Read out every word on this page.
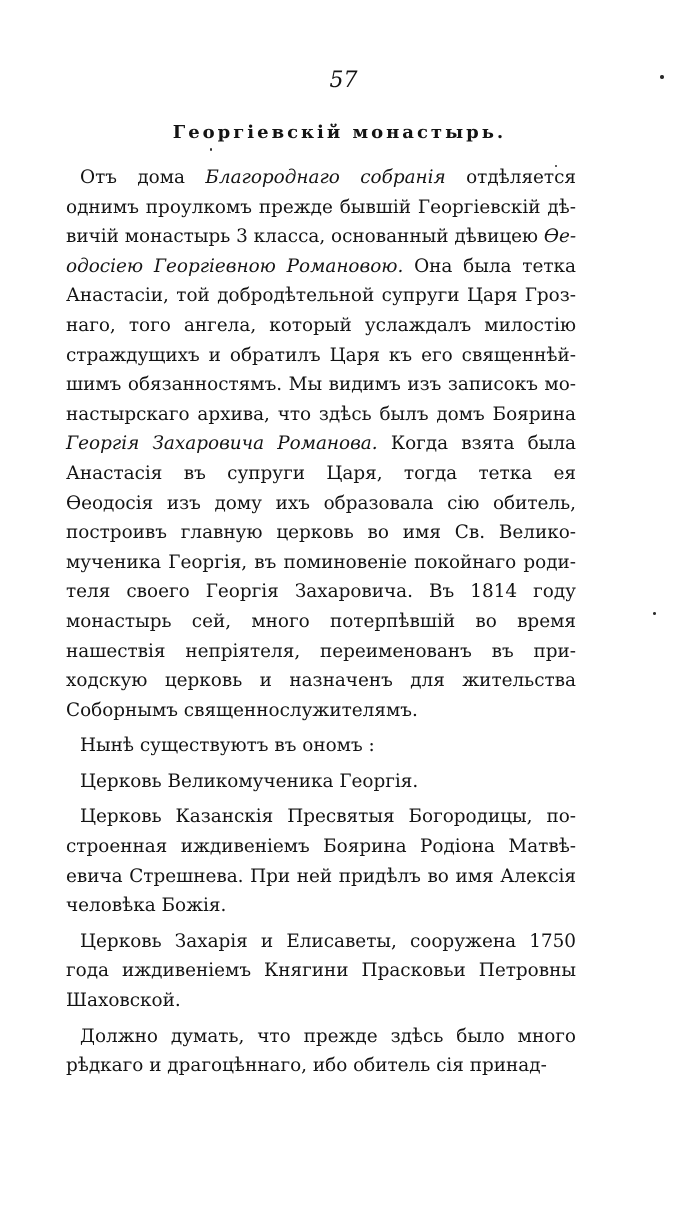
57
Георгіевскій монастырь.
Отъ дома Благороднаго собранія отдѣляется
однимъ проулкомъ прежде бывшій Георгіевскій дѣ-
вичій монастырь 3 класса, основанный дѣвицею Ѳе-
одосіею Георгіевною Романовою. Она была тетка
Анастасіи, той добродѣтельной супруги Царя Гроз-
наго, того ангела, который услаждалъ милостію
страждущихъ и обратилъ Царя къ его священнѣй-
шимъ обязанностямъ. Мы видимъ изъ записокъ мо-
настырскаго архива, что здѣсь былъ домъ Боярина
Георгія Захаровича Романова. Когда взята была
Анастасія въ супруги Царя, тогда тетка ея
Ѳеодосія изъ дому ихъ образовала сію обитель,
построивъ главную церковь во имя Св. Велико-
мученика Георгія, въ поминовеніе покойнаго роди-
теля своего Георгія Захаровича. Въ 1814 году
монастырь сей, много потерпѣвшій во время
нашествія непріятеля, переименованъ въ при-
ходскую церковь и назначенъ для жительства
Соборнымъ священнослужителямъ.
Нынѣ существуютъ въ ономъ :
Церковь Великомученика Георгія.
Церковь Казанскія Пресвятыя Богородицы, по-
строенная иждивеніемъ Боярина Родіона Матвѣ-
евича Стрешнева. При ней придѣлъ во имя Алексія
человѣка Божія.
Церковь Захарія и Елисаветы, сооружена 1750
года иждивеніемъ Княгини Прасковьи Петровны
Шаховской.
Должно думать, что прежде здѣсь было много
рѣдкаго и драгоцѣннаго, ибо обитель сія принад-
